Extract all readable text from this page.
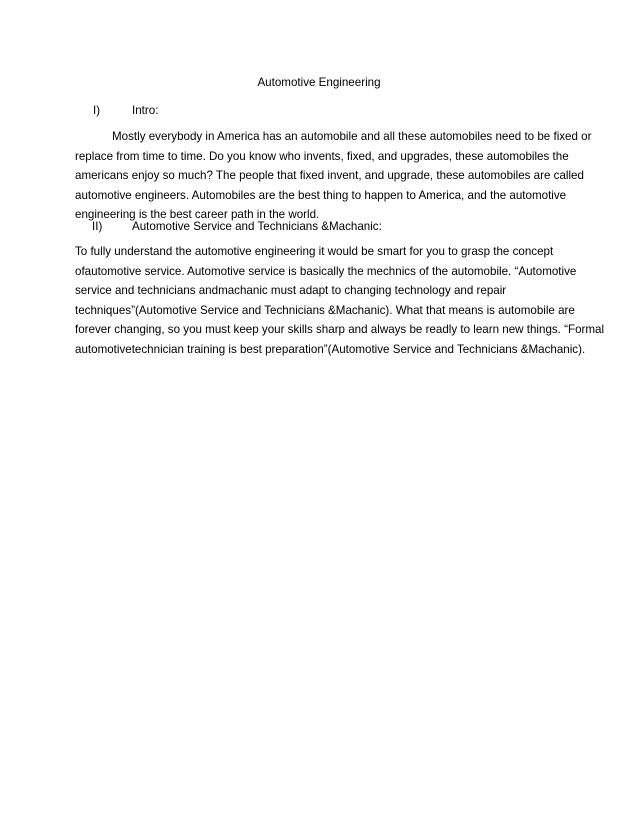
Automotive Engineering
I)	Intro:
Mostly everybody in America has an automobile and all these automobiles need to be fixed or
replace from time to time. Do you know who invents, fixed, and upgrades, these automobiles the
americans enjoy so much? The people that fixed invent, and upgrade, these automobiles are called
automotive engineers. Automobiles are the best thing to happen to America, and the automotive
engineering is the best career path in the world.
II)	Automotive Service and Technicians &Machanic:
To fully understand the automotive engineering it would be smart for you to grasp the concept
ofautomotive service. Automotive service is basically the mechnics of the automobile. “Automotive
service and technicians andmachanic must adapt to changing technology and repair
techniques”(Automotive Service and Technicians &Machanic). What that means is automobile are
forever changing, so you must keep your skills sharp and always be readly to learn new things. “Formal
automotivetechnician training is best preparation”(Automotive Service and Technicians &Machanic).
